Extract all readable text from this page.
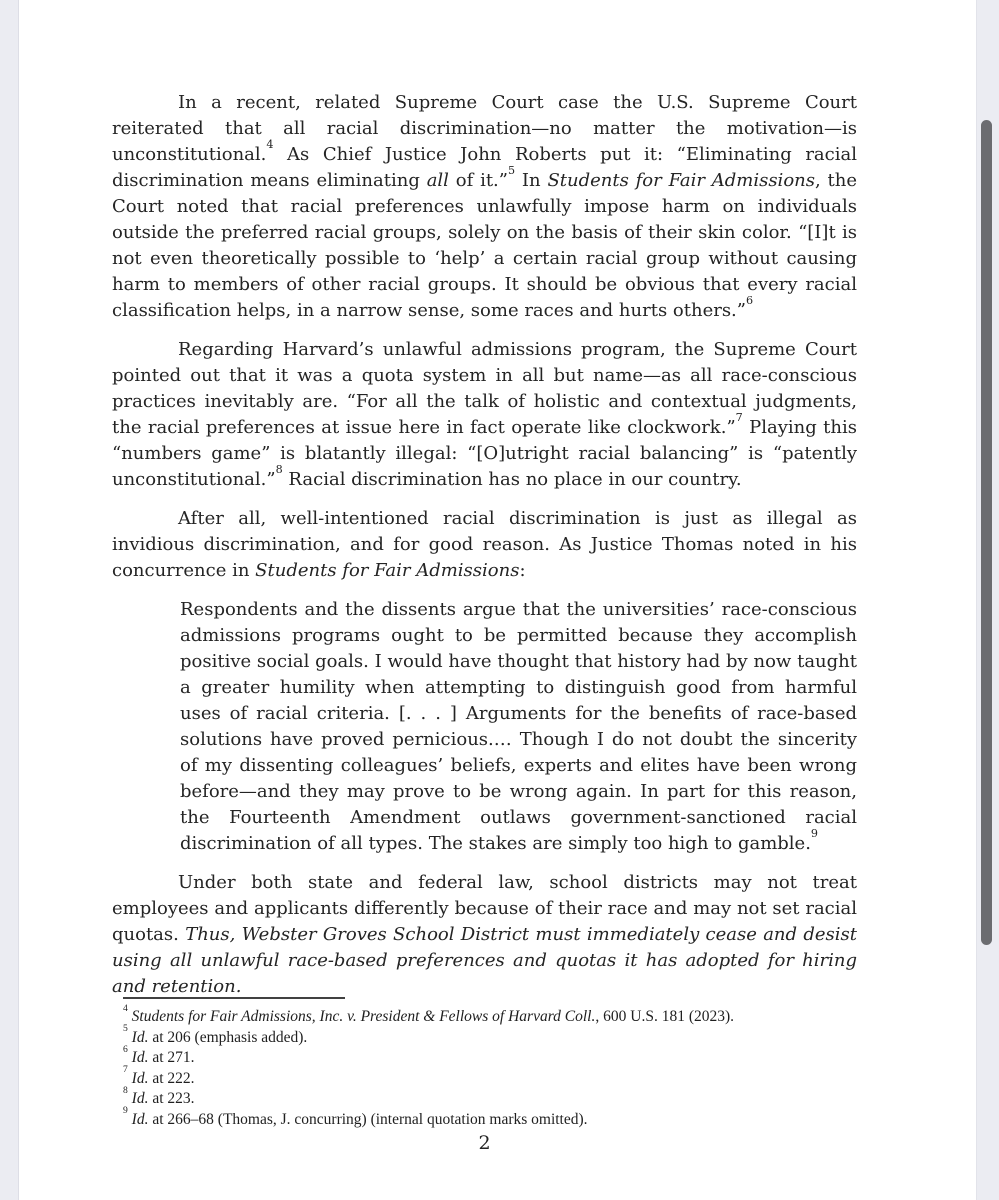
In a recent, related Supreme Court case the U.S. Supreme Court reiterated that all racial discrimination—no matter the motivation—is unconstitutional.$^4$ As Chief Justice John Roberts put it: “Eliminating racial discrimination means eliminating all of it.”$^5$ In Students for Fair Admissions, the Court noted that racial preferences unlawfully impose harm on individuals outside the preferred racial groups, solely on the basis of their skin color. “[I]t is not even theoretically possible to ‘help’ a certain racial group without causing harm to members of other racial groups. It should be obvious that every racial classification helps, in a narrow sense, some races and hurts others.”$^6$

Regarding Harvard’s unlawful admissions program, the Supreme Court pointed out that it was a quota system in all but name—as all race-conscious practices inevitably are. “For all the talk of holistic and contextual judgments, the racial preferences at issue here in fact operate like clockwork.”$^7$ Playing this “numbers game” is blatantly illegal: “[O]utright racial balancing” is “patently unconstitutional.”$^8$ Racial discrimination has no place in our country.

After all, well-intentioned racial discrimination is just as illegal as invidious discrimination, and for good reason. As Justice Thomas noted in his concurrence in Students for Fair Admissions:

Respondents and the dissents argue that the universities’ race-conscious admissions programs ought to be permitted because they accomplish positive social goals. I would have thought that history had by now taught a greater humility when attempting to distinguish good from harmful uses of racial criteria. [. . . ] Arguments for the benefits of race-based solutions have proved pernicious.… Though I do not doubt the sincerity of my dissenting colleagues’ beliefs, experts and elites have been wrong before—and they may prove to be wrong again. In part for this reason, the Fourteenth Amendment outlaws government-sanctioned racial discrimination of all types. The stakes are simply too high to gamble.$^9$

Under both state and federal law, school districts may not treat employees and applicants differently because of their race and may not set racial quotas. Thus, Webster Groves School District must immediately cease and desist using all unlawful race-based preferences and quotas it has adopted for hiring and retention.

$^4$ Students for Fair Admissions, Inc. v. President & Fellows of Harvard Coll., 600 U.S. 181 (2023).

$^5$ Id. at 206 (emphasis added).

$^6$ Id. at 271.

$^7$ Id. at 222.

$^8$ Id. at 223.

$^9$ Id. at 266–68 (Thomas, J. concurring) (internal quotation marks omitted).

2
